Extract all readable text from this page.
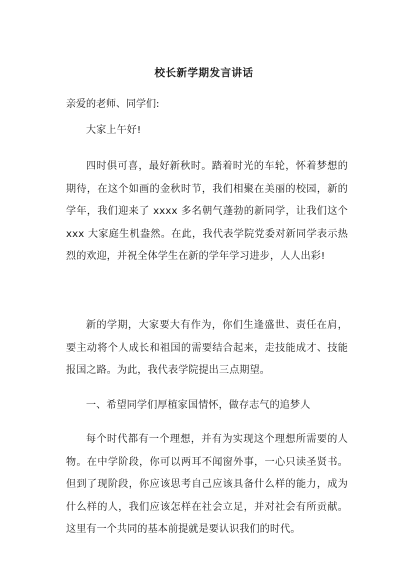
校长新学期发言讲话

亲爱的老师、同学们:

大家上午好!

四时俱可喜，最好新秋时。踏着时光的车轮，怀着梦想的期待，在这个如画的金秋时节，我们相聚在美丽的校园，新的学年，我们迎来了 xxxx 多名朝气蓬勃的新同学，让我们这个 xxx 大家庭生机盎然。在此，我代表学院党委对新同学表示热烈的欢迎，并祝全体学生在新的学年学习进步，人人出彩!

新的学期，大家要大有作为，你们生逢盛世、责任在肩，要主动将个人成长和祖国的需要结合起来，走技能成才、技能报国之路。为此，我代表学院提出三点期望。

一、希望同学们厚植家国情怀，做存志气的追梦人

每个时代都有一个理想，并有为实现这个理想所需要的人物。在中学阶段，你可以两耳不闻窗外事，一心只读圣贤书。但到了现阶段，你应该思考自己应该具备什么样的能力，成为什么样的人，我们应该怎样在社会立足，并对社会有所贡献。这里有一个共同的基本前提就是要认识我们的时代。
